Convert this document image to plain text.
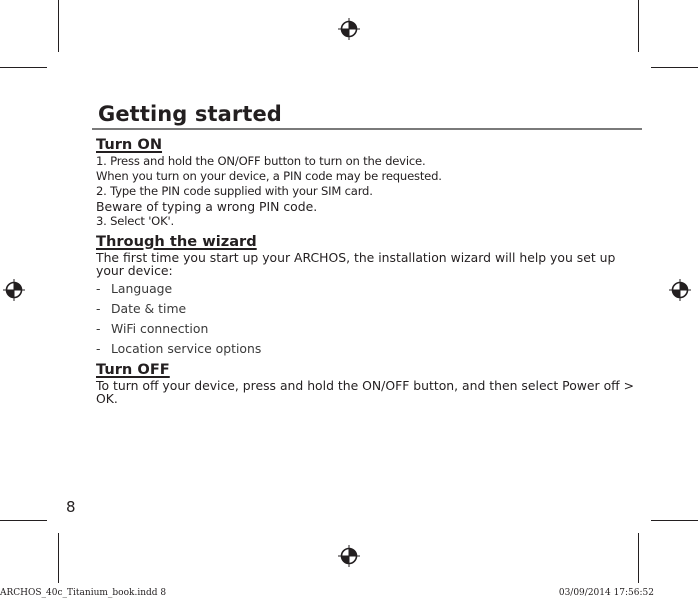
Getting started
Turn ON

1. Press and hold the ON/OFF button to turn on the device.

When you turn on your device, a PIN code may be requested.

2. Type the PIN code supplied with your SIM card.

Beware of typing a wrong PIN code.

3. Select 'OK'.

Through the wizard

The first time you start up your ARCHOS, the installation wizard will help you set up your device:

- Language
- Date & time
- WiFi connection
- Location service options
Turn OFF

To turn off your device, press and hold the ON/OFF button, and then select Power off > OK.

8
ARCHOS_40c_Titanium_book.indd 8	03/09/2014 17:56:52
